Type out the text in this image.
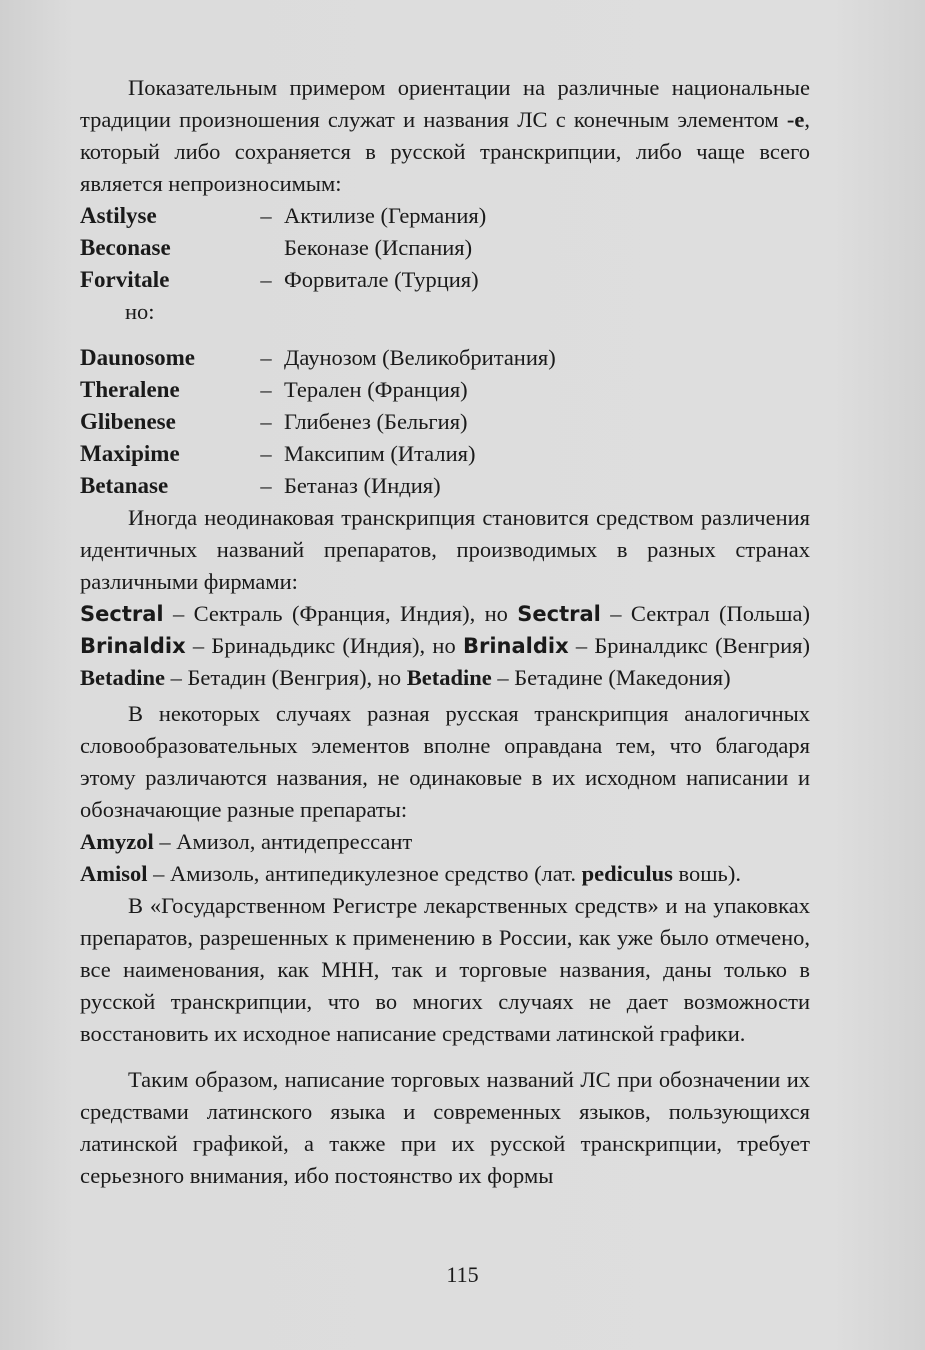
Показательным примером ориентации на различные национальные традиции произношения служат и названия ЛС с конечным элементом -e, который либо сохраняется в русской транскрипции, либо чаще всего является непроизносимым:

Astilyse	– Актилизе (Германия)
Beconase	Беконазе (Испания)
Forvitale	– Форвитале (Турция)
но:
Daunosome	– Даунозом (Великобритания)
Theralene	– Терален (Франция)
Glibenese	– Глибенез (Бельгия)
Maxipime	– Максипим (Италия)
Betanase	– Бетаназ (Индия)

Иногда неодинаковая транскрипция становится средством различения идентичных названий препаратов, производимых в разных странах различными фирмами:

Sectral – Сектраль (Франция, Индия), но Sectral – Сектрал (Польша) Brinaldix – Бринадьдикс (Индия), но Brinaldix – Бриналдикс (Венгрия) Betadine – Бетадин (Венгрия), но Betadine – Бетадине (Македония)

В некоторых случаях разная русская транскрипция аналогичных словообразовательных элементов вполне оправдана тем, что благодаря этому различаются названия, не одинаковые в их исходном написании и обозначающие разные препараты:

Amyzol – Амизол, антидепрессант

Amisol – Амизоль, антипедикулезное средство (лат. pediculus вошь).

В «Государственном Регистре лекарственных средств» и на упаковках препаратов, разрешенных к применению в России, как уже было отмечено, все наименования, как МНН, так и торговые названия, даны только в русской транскрипции, что во многих случаях не дает возможности восстановить их исходное написание средствами латинской графики.

Таким образом, написание торговых названий ЛС при обозначении их средствами латинского языка и современных языков, пользующихся латинской графикой, а также при их русской транскрипции, требует серьезного внимания, ибо постоянство их формы

115
